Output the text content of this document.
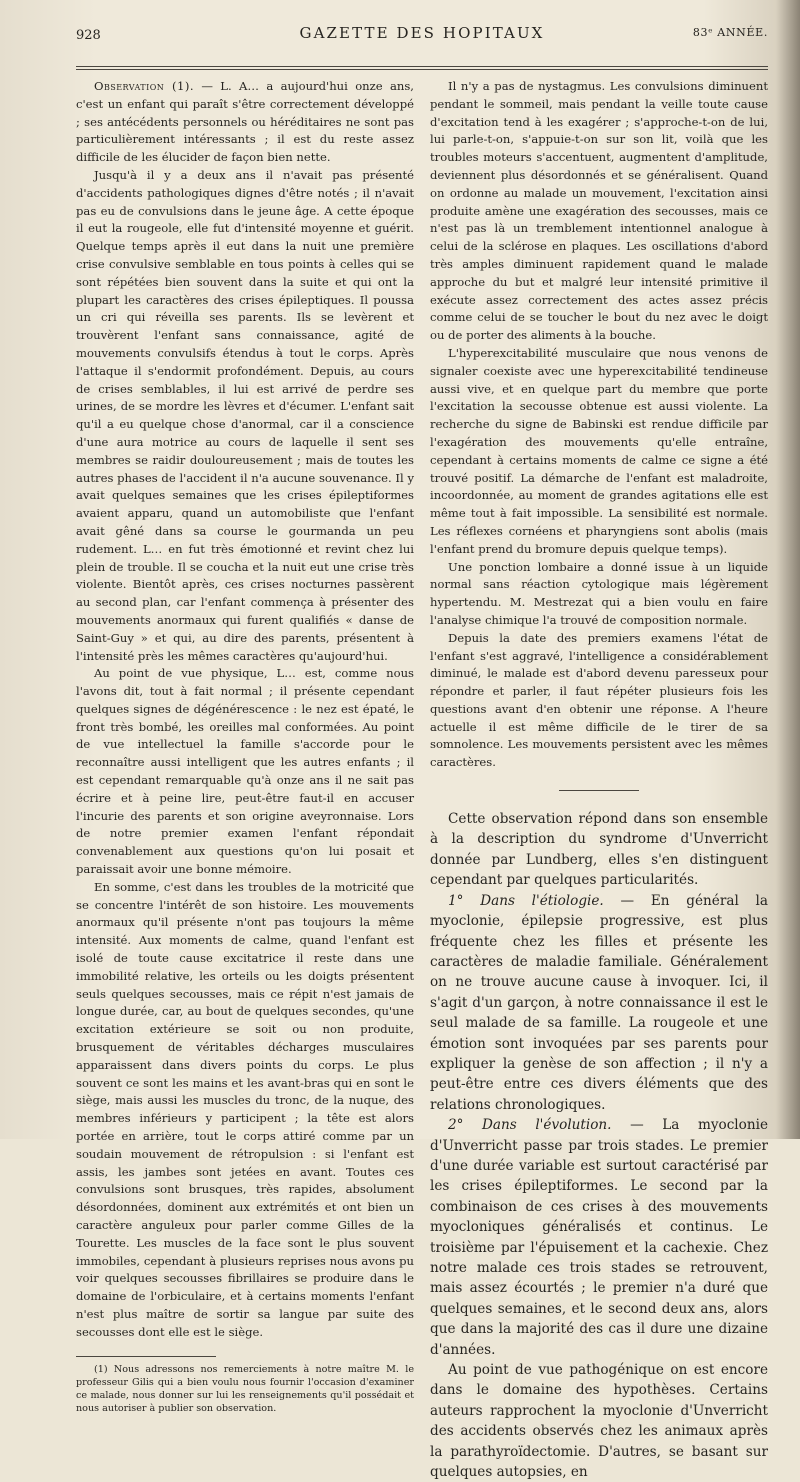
928	GAZETTE DES HOPITAUX	83ᵉ ANNÉE.

Observation (1). — L. A… a aujourd'hui onze ans, c'est un enfant qui paraît s'être correctement développé ; ses antécédents personnels ou héréditaires ne sont pas particulièrement intéressants ; il est du reste assez difficile de les élucider de façon bien nette.

Jusqu'à il y a deux ans il n'avait pas présenté d'accidents pathologiques dignes d'être notés ; il n'avait pas eu de convulsions dans le jeune âge. A cette époque il eut la rougeole, elle fut d'intensité moyenne et guérit. Quelque temps après il eut dans la nuit une première crise convulsive semblable en tous points à celles qui se sont répétées bien souvent dans la suite et qui ont la plupart les caractères des crises épileptiques. Il poussa un cri qui réveilla ses parents. Ils se levèrent et trouvèrent l'enfant sans connaissance, agité de mouvements convulsifs étendus à tout le corps. Après l'attaque il s'endormit profondément. Depuis, au cours de crises semblables, il lui est arrivé de perdre ses urines, de se mordre les lèvres et d'écumer. L'enfant sait qu'il a eu quelque chose d'anormal, car il a conscience d'une aura motrice au cours de laquelle il sent ses membres se raidir douloureusement ; mais de toutes les autres phases de l'accident il n'a aucune souvenance. Il y avait quelques semaines que les crises épileptiformes avaient apparu, quand un automobiliste que l'enfant avait gêné dans sa course le gourmanda un peu rudement. L… en fut très émotionné et revint chez lui plein de trouble. Il se coucha et la nuit eut une crise très violente. Bientôt après, ces crises nocturnes passèrent au second plan, car l'enfant commença à présenter des mouvements anormaux qui furent qualifiés « danse de Saint-Guy » et qui, au dire des parents, présentent à l'intensité près les mêmes caractères qu'aujourd'hui.

Au point de vue physique, L… est, comme nous l'avons dit, tout à fait normal ; il présente cependant quelques signes de dégénérescence : le nez est épaté, le front très bombé, les oreilles mal conformées. Au point de vue intellectuel la famille s'accorde pour le reconnaître aussi intelligent que les autres enfants ; il est cependant remarquable qu'à onze ans il ne sait pas écrire et à peine lire, peut-être faut-il en accuser l'incurie des parents et son origine aveyronnaise. Lors de notre premier examen l'enfant répondait convenablement aux questions qu'on lui posait et paraissait avoir une bonne mémoire.

En somme, c'est dans les troubles de la motricité que se concentre l'intérêt de son histoire. Les mouvements anormaux qu'il présente n'ont pas toujours la même intensité. Aux moments de calme, quand l'enfant est isolé de toute cause excitatrice il reste dans une immobilité relative, les orteils ou les doigts présentent seuls quelques secousses, mais ce répit n'est jamais de longue durée, car, au bout de quelques secondes, qu'une excitation extérieure se soit ou non produite, brusquement de véritables décharges musculaires apparaissent dans divers points du corps. Le plus souvent ce sont les mains et les avant-bras qui en sont le siège, mais aussi les muscles du tronc, de la nuque, des membres inférieurs y participent ; la tête est alors portée en arrière, tout le corps attiré comme par un soudain mouvement de rétropulsion : si l'enfant est assis, les jambes sont jetées en avant. Toutes ces convulsions sont brusques, très rapides, absolument désordonnées, dominent aux extrémités et ont bien un caractère anguleux pour parler comme Gilles de la Tourette. Les muscles de la face sont le plus souvent immobiles, cependant à plusieurs reprises nous avons pu voir quelques secousses fibrillaires se produire dans le domaine de l'orbiculaire, et à certains moments l'enfant n'est plus maître de sortir sa langue par suite des secousses dont elle est le siège.

(1) Nous adressons nos remerciements à notre maître M. le professeur Gilis qui a bien voulu nous fournir l'occasion d'examiner ce malade, nous donner sur lui les renseignements qu'il possédait et nous autoriser à publier son observation.

Il n'y a pas de nystagmus. Les convulsions diminuent pendant le sommeil, mais pendant la veille toute cause d'excitation tend à les exagérer ; s'approche-t-on de lui, lui parle-t-on, s'appuie-t-on sur son lit, voilà que les troubles moteurs s'accentuent, augmentent d'amplitude, deviennent plus désordonnés et se généralisent. Quand on ordonne au malade un mouvement, l'excitation ainsi produite amène une exagération des secousses, mais ce n'est pas là un tremblement intentionnel analogue à celui de la sclérose en plaques. Les oscillations d'abord très amples diminuent rapidement quand le malade approche du but et malgré leur intensité primitive il exécute assez correctement des actes assez précis comme celui de se toucher le bout du nez avec le doigt ou de porter des aliments à la bouche.

L'hyperexcitabilité musculaire que nous venons de signaler coexiste avec une hyperexcitabilité tendineuse aussi vive, et en quelque part du membre que porte l'excitation la secousse obtenue est aussi violente. La recherche du signe de Babinski est rendue difficile par l'exagération des mouvements qu'elle entraîne, cependant à certains moments de calme ce signe a été trouvé positif. La démarche de l'enfant est maladroite, incoordonnée, au moment de grandes agitations elle est même tout à fait impossible. La sensibilité est normale. Les réflexes cornéens et pharyngiens sont abolis (mais l'enfant prend du bromure depuis quelque temps).

Une ponction lombaire a donné issue à un liquide normal sans réaction cytologique mais légèrement hypertendu. M. Mestrezat qui a bien voulu en faire l'analyse chimique l'a trouvé de composition normale.

Depuis la date des premiers examens l'état de l'enfant s'est aggravé, l'intelligence a considérablement diminué, le malade est d'abord devenu paresseux pour répondre et parler, il faut répéter plusieurs fois les questions avant d'en obtenir une réponse. A l'heure actuelle il est même difficile de le tirer de sa somnolence. Les mouvements persistent avec les mêmes caractères.

Cette observation répond dans son ensemble à la description du syndrome d'Unverricht donnée par Lundberg, elles s'en distinguent cependant par quelques particularités.

1° Dans l'étiologie. — En général la myoclonie, épilepsie progressive, est plus fréquente chez les filles et présente les caractères de maladie familiale. Généralement on ne trouve aucune cause à invoquer. Ici, il s'agit d'un garçon, à notre connaissance il est le seul malade de sa famille. La rougeole et une émotion sont invoquées par ses parents pour expliquer la genèse de son affection ; il n'y a peut-être entre ces divers éléments que des relations chronologiques.

2° Dans l'évolution. — La myoclonie d'Unverricht passe par trois stades. Le premier d'une durée variable est surtout caractérisé par les crises épileptiformes. Le second par la combinaison de ces crises à des mouvements myocloniques généralisés et continus. Le troisième par l'épuisement et la cachexie. Chez notre malade ces trois stades se retrouvent, mais assez écourtés ; le premier n'a duré que quelques semaines, et le second deux ans, alors que dans la majorité des cas il dure une dizaine d'années.

Au point de vue pathogénique on est encore dans le domaine des hypothèses. Certains auteurs rapprochent la myoclonie d'Unverricht des accidents observés chez les animaux après la parathyroïdectomie. D'autres, se basant sur quelques autopsies, en
